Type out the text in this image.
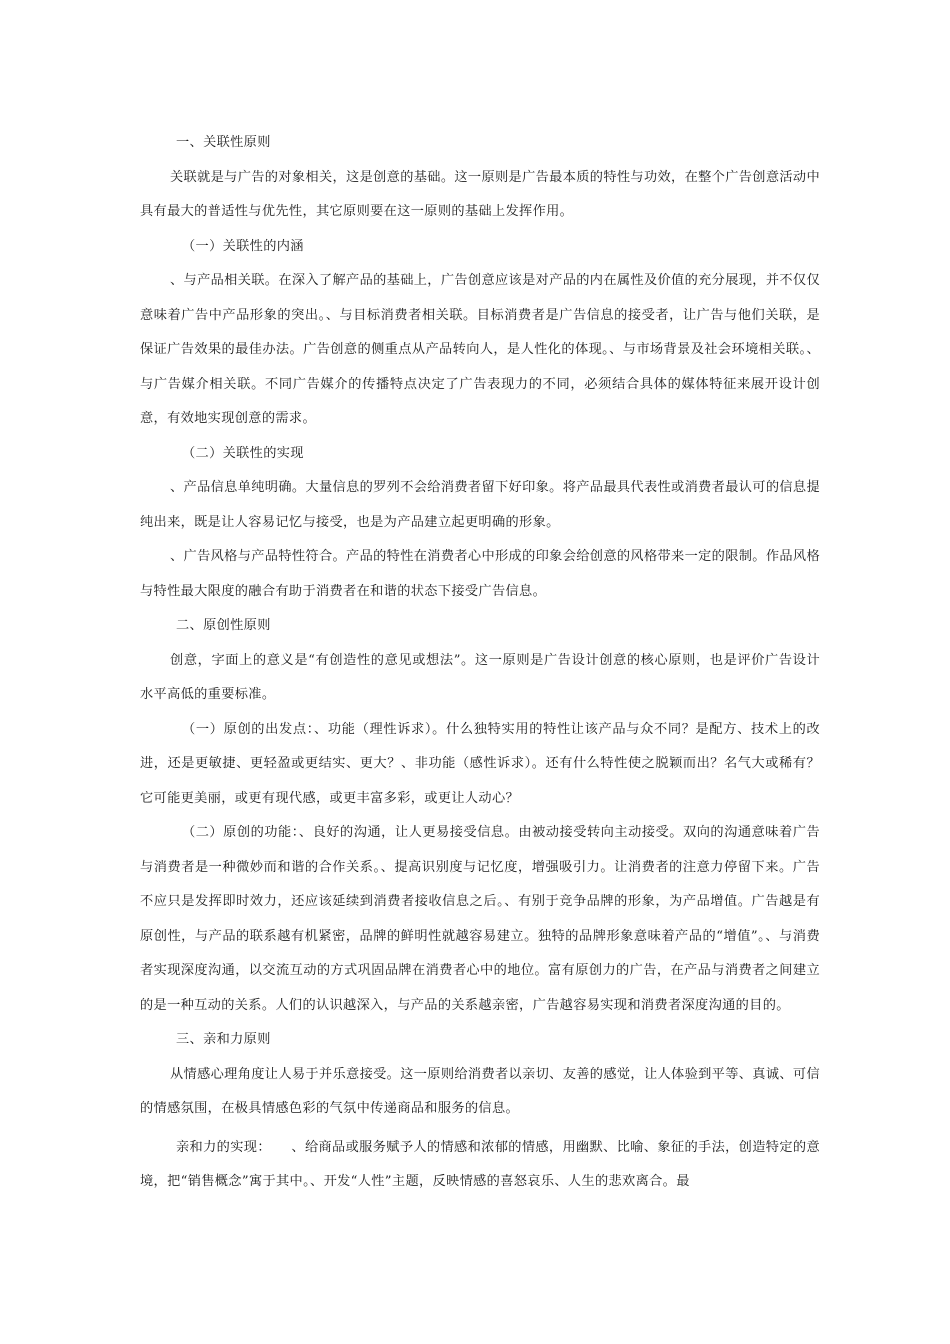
一、关联性原则

关联就是与广告的对象相关，这是创意的基础。这一原则是广告最本质的特性与功效，在整个广告创意活动中具有最大的普适性与优先性，其它原则要在这一原则的基础上发挥作用。

（一）关联性的内涵

、与产品相关联。在深入了解产品的基础上，广告创意应该是对产品的内在属性及价值的充分展现，并不仅仅意味着广告中产品形象的突出。、与目标消费者相关联。目标消费者是广告信息的接受者，让广告与他们关联，是保证广告效果的最佳办法。广告创意的侧重点从产品转向人，是人性化的体现。、与市场背景及社会环境相关联。、与广告媒介相关联。不同广告媒介的传播特点决定了广告表现力的不同，必须结合具体的媒体特征来展开设计创意，有效地实现创意的需求。

（二）关联性的实现

、产品信息单纯明确。大量信息的罗列不会给消费者留下好印象。将产品最具代表性或消费者最认可的信息提纯出来，既是让人容易记忆与接受，也是为产品建立起更明确的形象。

、广告风格与产品特性符合。产品的特性在消费者心中形成的印象会给创意的风格带来一定的限制。作品风格与特性最大限度的融合有助于消费者在和谐的状态下接受广告信息。

二、原创性原则

创意，字面上的意义是“有创造性的意见或想法”。这一原则是广告设计创意的核心原则，也是评价广告设计水平高低的重要标准。

（一）原创的出发点：、功能（理性诉求）。什么独特实用的特性让该产品与众不同？是配方、技术上的改进，还是更敏捷、更轻盈或更结实、更大？、非功能（感性诉求）。还有什么特性使之脱颖而出？名气大或稀有？它可能更美丽，或更有现代感，或更丰富多彩，或更让人动心？

（二）原创的功能：、良好的沟通，让人更易接受信息。由被动接受转向主动接受。双向的沟通意味着广告与消费者是一种微妙而和谐的合作关系。、提高识别度与记忆度，增强吸引力。让消费者的注意力停留下来。广告不应只是发挥即时效力，还应该延续到消费者接收信息之后。、有别于竞争品牌的形象，为产品增值。广告越是有原创性，与产品的联系越有机紧密，品牌的鲜明性就越容易建立。独特的品牌形象意味着产品的“增值”。、与消费者实现深度沟通，以交流互动的方式巩固品牌在消费者心中的地位。富有原创力的广告，在产品与消费者之间建立的是一种互动的关系。人们的认识越深入，与产品的关系越亲密，广告越容易实现和消费者深度沟通的目的。

三、亲和力原则

从情感心理角度让人易于并乐意接受。这一原则给消费者以亲切、友善的感觉，让人体验到平等、真诚、可信的情感氛围，在极具情感色彩的气氛中传递商品和服务的信息。

亲和力的实现：　　、给商品或服务赋予人的情感和浓郁的情感，用幽默、比喻、象征的手法，创造特定的意境，把“销售概念”寓于其中。、开发“人性”主题，反映情感的喜怒哀乐、人生的悲欢离合。最
